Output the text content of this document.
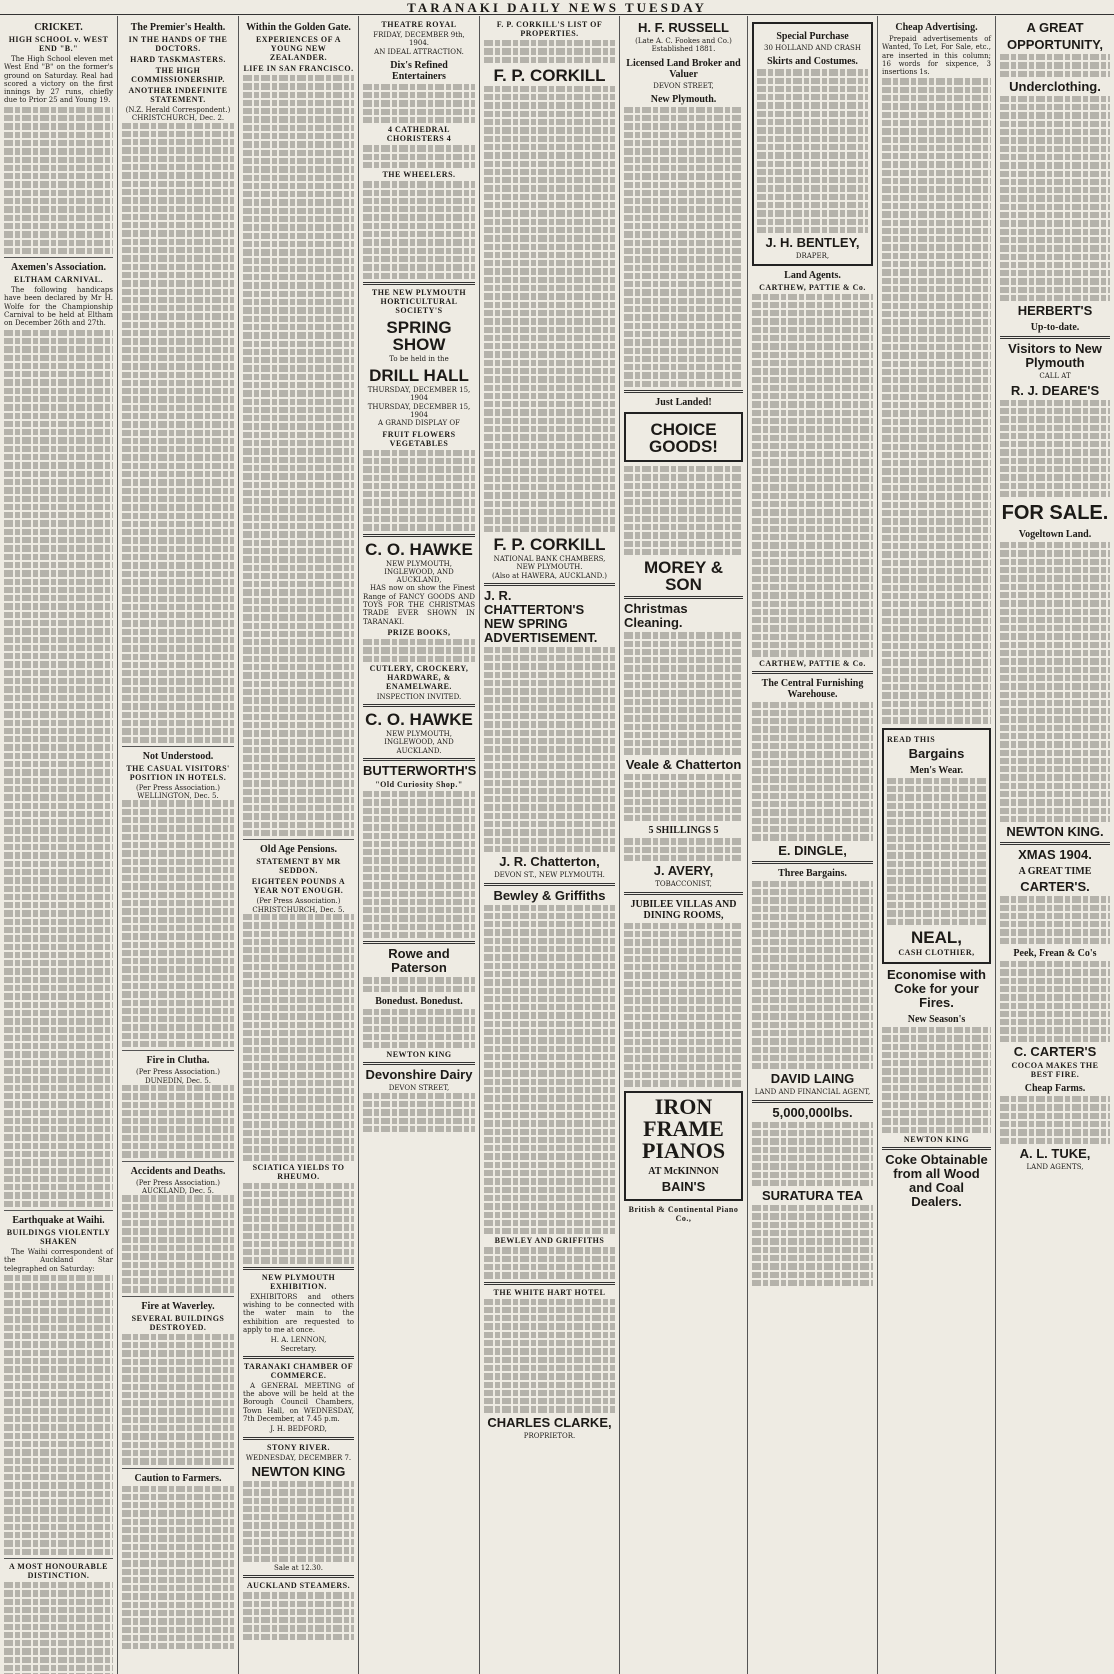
TARANAKI DAILY NEWS TUESDAY
CRICKET.
HIGH SCHOOL v. WEST END "B."

The High School eleven met West End "B" on the former's ground on Saturday. Real had scored a victory on the first innings by 27 runs, chiefly due to Prior 25 and Young 19.

Axemen's Association.
ELTHAM CARNIVAL.

The following handicaps have been declared by Mr H. Wolfe for the Championship Carnival to be held at Eltham on December 26th and 27th.

Earthquake at Waihi.
BUILDINGS VIOLENTLY SHAKEN

The Waihi correspondent of the Auckland Star telegraphed on Saturday:

A MOST HONOURABLE DISTINCTION.
The Premier's Health.
IN THE HANDS OF THE DOCTORS.
HARD TASKMASTERS.
THE HIGH COMMISSIONERSHIP.
ANOTHER INDEFINITE STATEMENT.
(N.Z. Herald Correspondent.)
CHRISTCHURCH, Dec. 2.
Not Understood.
THE CASUAL VISITORS' POSITION IN HOTELS.
(Per Press Association.)
WELLINGTON, Dec. 5.
Fire in Clutha.
(Per Press Association.)
DUNEDIN, Dec. 5.
Accidents and Deaths.
(Per Press Association.)
AUCKLAND, Dec. 5.
Fire at Waverley.
SEVERAL BUILDINGS DESTROYED.
Caution to Farmers.
Within the Golden Gate.
EXPERIENCES OF A YOUNG NEW ZEALANDER.
LIFE IN SAN FRANCISCO.
Old Age Pensions.
STATEMENT BY MR SEDDON.
EIGHTEEN POUNDS A YEAR NOT ENOUGH.
(Per Press Association.)
CHRISTCHURCH, Dec. 5.
SCIATICA YIELDS TO RHEUMO.
NEW PLYMOUTH EXHIBITION.

EXHIBITORS and others wishing to be connected with the water main to the exhibition are requested to apply to me at once.

H. A. LENNON,
Secretary.
TARANAKI CHAMBER OF COMMERCE.

A GENERAL MEETING of the above will be held at the Borough Council Chambers, Town Hall, on WEDNESDAY, 7th December, at 7.45 p.m.

J. H. BEDFORD,
STONY RIVER.
WEDNESDAY, DECEMBER 7.
NEWTON KING
Sale at 12.30.
AUCKLAND STEAMERS.
THEATRE ROYAL
FRIDAY, DECEMBER 9th, 1904.
AN IDEAL ATTRACTION.
Dix's Refined Entertainers
4 CATHEDRAL CHORISTERS 4
THE WHEELERS.
THE NEW PLYMOUTH HORTICULTURAL SOCIETY'S
SPRING SHOW
To be held in the
DRILL HALL
THURSDAY, DECEMBER 15, 1904
THURSDAY, DECEMBER 15, 1904
A GRAND DISPLAY OF
FRUIT FLOWERS VEGETABLES
C. O. HAWKE
NEW PLYMOUTH, INGLEWOOD, AND AUCKLAND,

HAS now on show the Finest Range of FANCY GOODS AND TOYS FOR THE CHRISTMAS TRADE EVER SHOWN IN TARANAKI.

PRIZE BOOKS,
CUTLERY, CROCKERY, HARDWARE, & ENAMELWARE.
INSPECTION INVITED.
C. O. HAWKE
NEW PLYMOUTH, INGLEWOOD, AND AUCKLAND.
BUTTERWORTH'S
"Old Curiosity Shop."
Rowe and Paterson
Bonedust. Bonedust.
NEWTON KING
Devonshire Dairy
DEVON STREET,
F. P. CORKILL'S LIST OF PROPERTIES.
F. P. CORKILL
F. P. CORKILL
NATIONAL BANK CHAMBERS, NEW PLYMOUTH.
(Also at HAWERA, AUCKLAND.)
J. R. CHATTERTON'S NEW SPRING ADVERTISEMENT.
J. R. Chatterton,
DEVON ST., NEW PLYMOUTH.
Bewley & Griffiths
BEWLEY AND GRIFFITHS
THE WHITE HART HOTEL
CHARLES CLARKE,
PROPRIETOR.
H. F. RUSSELL
(Late A. C. Fookes and Co.)
Established 1881.
Licensed Land Broker and Valuer
DEVON STREET,
New Plymouth.
Just Landed!
CHOICE GOODS!
MOREY & SON
Christmas Cleaning.
Veale & Chatterton
5 SHILLINGS 5
J. AVERY,
TOBACCONIST,
JUBILEE VILLAS AND DINING ROOMS,
IRON FRAME PIANOS
AT McKINNON
BAIN'S
British & Continental Piano Co.,
Special Purchase
30 HOLLAND AND CRASH
Skirts and Costumes.
J. H. BENTLEY,
DRAPER,
Land Agents.
CARTHEW, PATTIE & Co.
CARTHEW, PATTIE & Co.
The Central Furnishing Warehouse.
E. DINGLE,
Three Bargains.
DAVID LAING
LAND AND FINANCIAL AGENT,
5,000,000lbs.
SURATURA TEA
Cheap Advertising.

Prepaid advertisements of Wanted, To Let, For Sale, etc., are inserted in this column; 16 words for sixpence, 3 insertions 1s.

READ THIS
Bargains
Men's Wear.
NEAL,
CASH CLOTHIER,
Economise with Coke for your Fires.
New Season's
NEWTON KING
Coke Obtainable from all Wood and Coal Dealers.
A GREAT
OPPORTUNITY,
Underclothing.
HERBERT'S
Up-to-date.
Visitors to New Plymouth
CALL AT
R. J. DEARE'S
FOR SALE.
Vogeltown Land.
NEWTON KING.
XMAS 1904.
A GREAT TIME
CARTER'S.
Peek, Frean & Co's
C. CARTER'S
COCOA MAKES THE BEST FIRE.
Cheap Farms.
A. L. TUKE,
LAND AGENTS,
